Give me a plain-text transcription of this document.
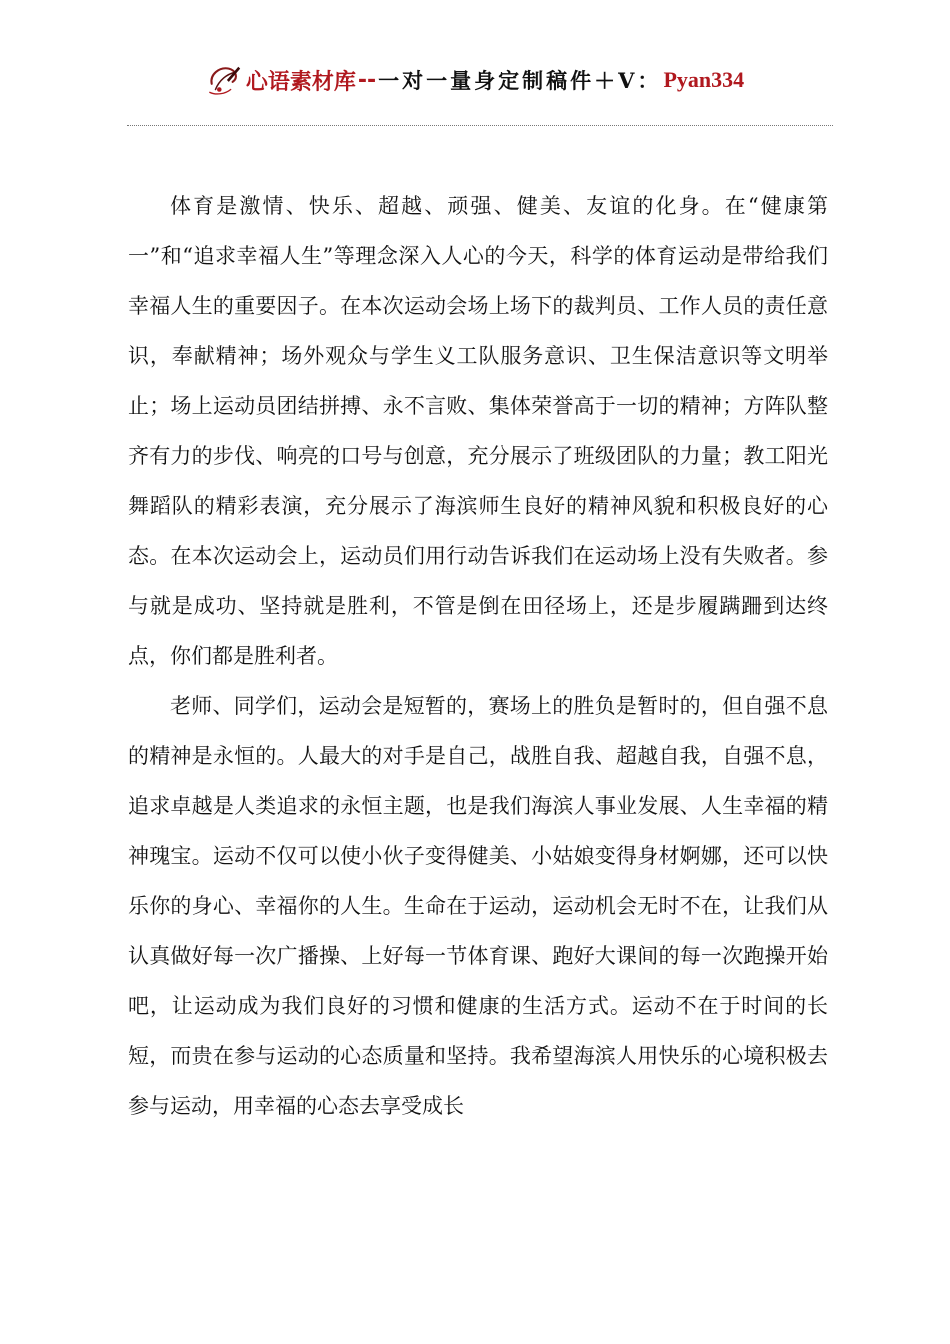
心语素材库 -- 一对一量身定制稿件＋V： Pyan334

体育是激情、快乐、超越、顽强、健美、友谊的化身。在“健康第一”和“追求幸福人生”等理念深入人心的今天，科学的体育运动是带给我们幸福人生的重要因子。在本次运动会场上场下的裁判员、工作人员的责任意识，奉献精神；场外观众与学生义工队服务意识、卫生保洁意识等文明举止；场上运动员团结拼搏、永不言败、集体荣誉高于一切的精神；方阵队整齐有力的步伐、响亮的口号与创意，充分展示了班级团队的力量；教工阳光舞蹈队的精彩表演，充分展示了海滨师生良好的精神风貌和积极良好的心态。在本次运动会上，运动员们用行动告诉我们在运动场上没有失败者。参与就是成功、坚持就是胜利，不管是倒在田径场上，还是步履蹒跚到达终点，你们都是胜利者。

老师、同学们，运动会是短暂的，赛场上的胜负是暂时的，但自强不息的精神是永恒的。人最大的对手是自己，战胜自我、超越自我，自强不息，追求卓越是人类追求的永恒主题，也是我们海滨人事业发展、人生幸福的精神瑰宝。运动不仅可以使小伙子变得健美、小姑娘变得身材婀娜，还可以快乐你的身心、幸福你的人生。生命在于运动，运动机会无时不在，让我们从认真做好每一次广播操、上好每一节体育课、跑好大课间的每一次跑操开始吧，让运动成为我们良好的习惯和健康的生活方式。运动不在于时间的长短，而贵在参与运动的心态质量和坚持。我希望海滨人用快乐的心境积极去参与运动，用幸福的心态去享受成长
